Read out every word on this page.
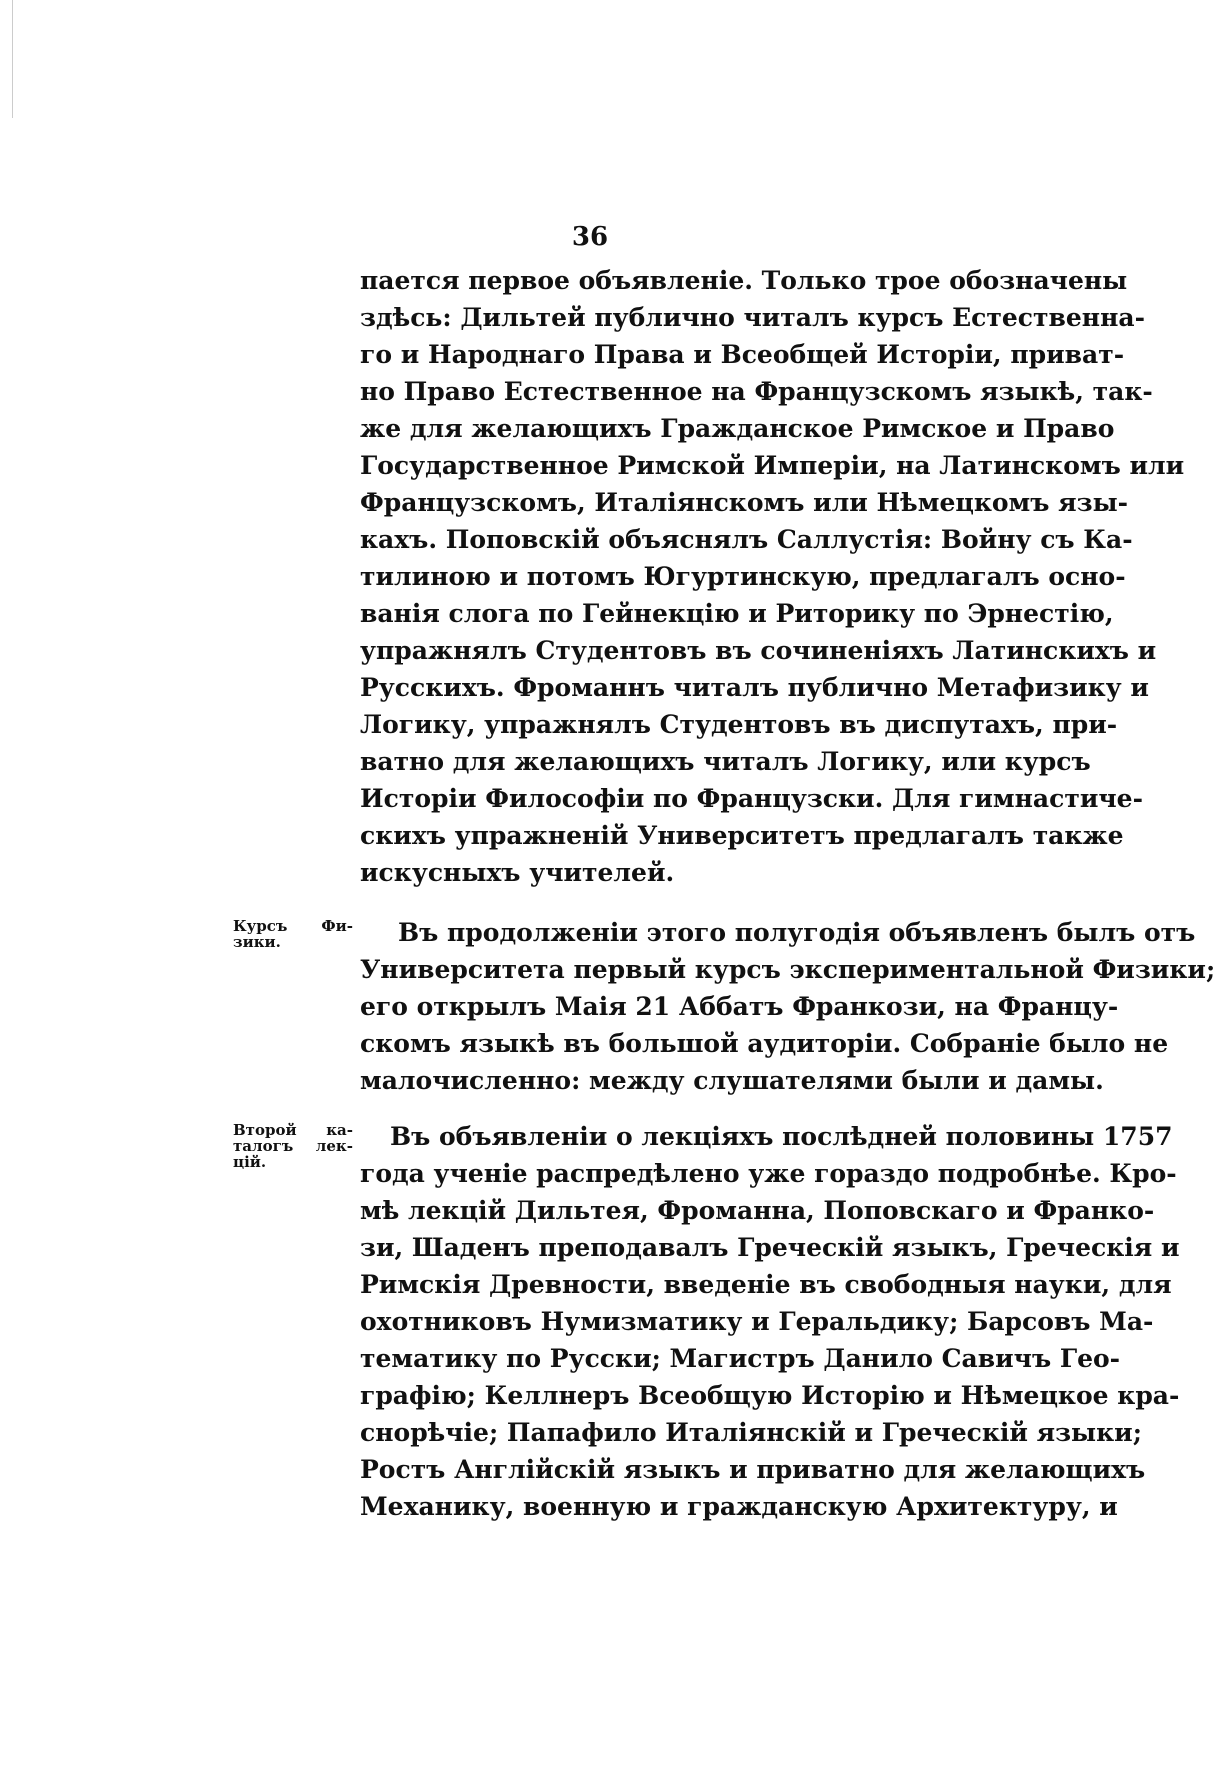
36
пается первое объявленіе. Только трое обозначены
здѣсь: Дильтей публично читалъ курсъ Естественна-
го и Народнаго Права и Всеобщей Исторіи, приват-
но Право Естественное на Французскомъ языкѣ, так-
же для желающихъ Гражданское Римское и Право
Государственное Римской Имперіи, на Латинскомъ или
Французскомъ, Италіянскомъ или Нѣмецкомъ язы-
кахъ. Поповскій объяснялъ Саллустія: Войну съ Ка-
тилиною и потомъ Югуртинскую, предлагалъ осно-
ванія слога по Гейнекцію и Риторику по Эрнестію,
упражнялъ Студентовъ въ сочиненіяхъ Латинскихъ и
Русскихъ. Фроманнъ читалъ публично Метафизику и
Логику, упражнялъ Студентовъ въ диспутахъ, при-
ватно для желающихъ читалъ Логику, или курсъ
Исторіи Философіи по Французски. Для гимнастиче-
скихъ упражненій Университетъ предлагалъ также
искусныхъ учителей.
Курсъ Фи-
зики.	Въ продолженіи этого полугодія объявленъ былъ отъ
Университета первый курсъ экспериментальной Физики;
его открылъ Маія 21 Аббатъ Франкози, на Францу-
скомъ языкѣ въ большой аудиторіи. Собраніе было не
малочисленно: между слушателями были и дамы.
Второй ка-
талогъ лек-
цій.
Въ объявленіи о лекціяхъ послѣдней половины 1757
года ученіе распредѣлено уже гораздо подробнѣе. Кро-
мѣ лекцій Дильтея, Фроманна, Поповскаго и Франко-
зи, Шаденъ преподавалъ Греческій языкъ, Греческія и
Римскія Древности, введеніе въ свободныя науки, для
охотниковъ Нумизматику и Геральдику; Барсовъ Ма-
тематику по Русски; Магистръ Данило Савичъ Гео-
графію; Келлнеръ Всеобщую Исторію и Нѣмецкое кра-
снорѣчіе; Папафило Италіянскій и Греческій языки;
Ростъ Англійскій языкъ и приватно для желающихъ
Механику, военную и гражданскую Архитектуру, и
